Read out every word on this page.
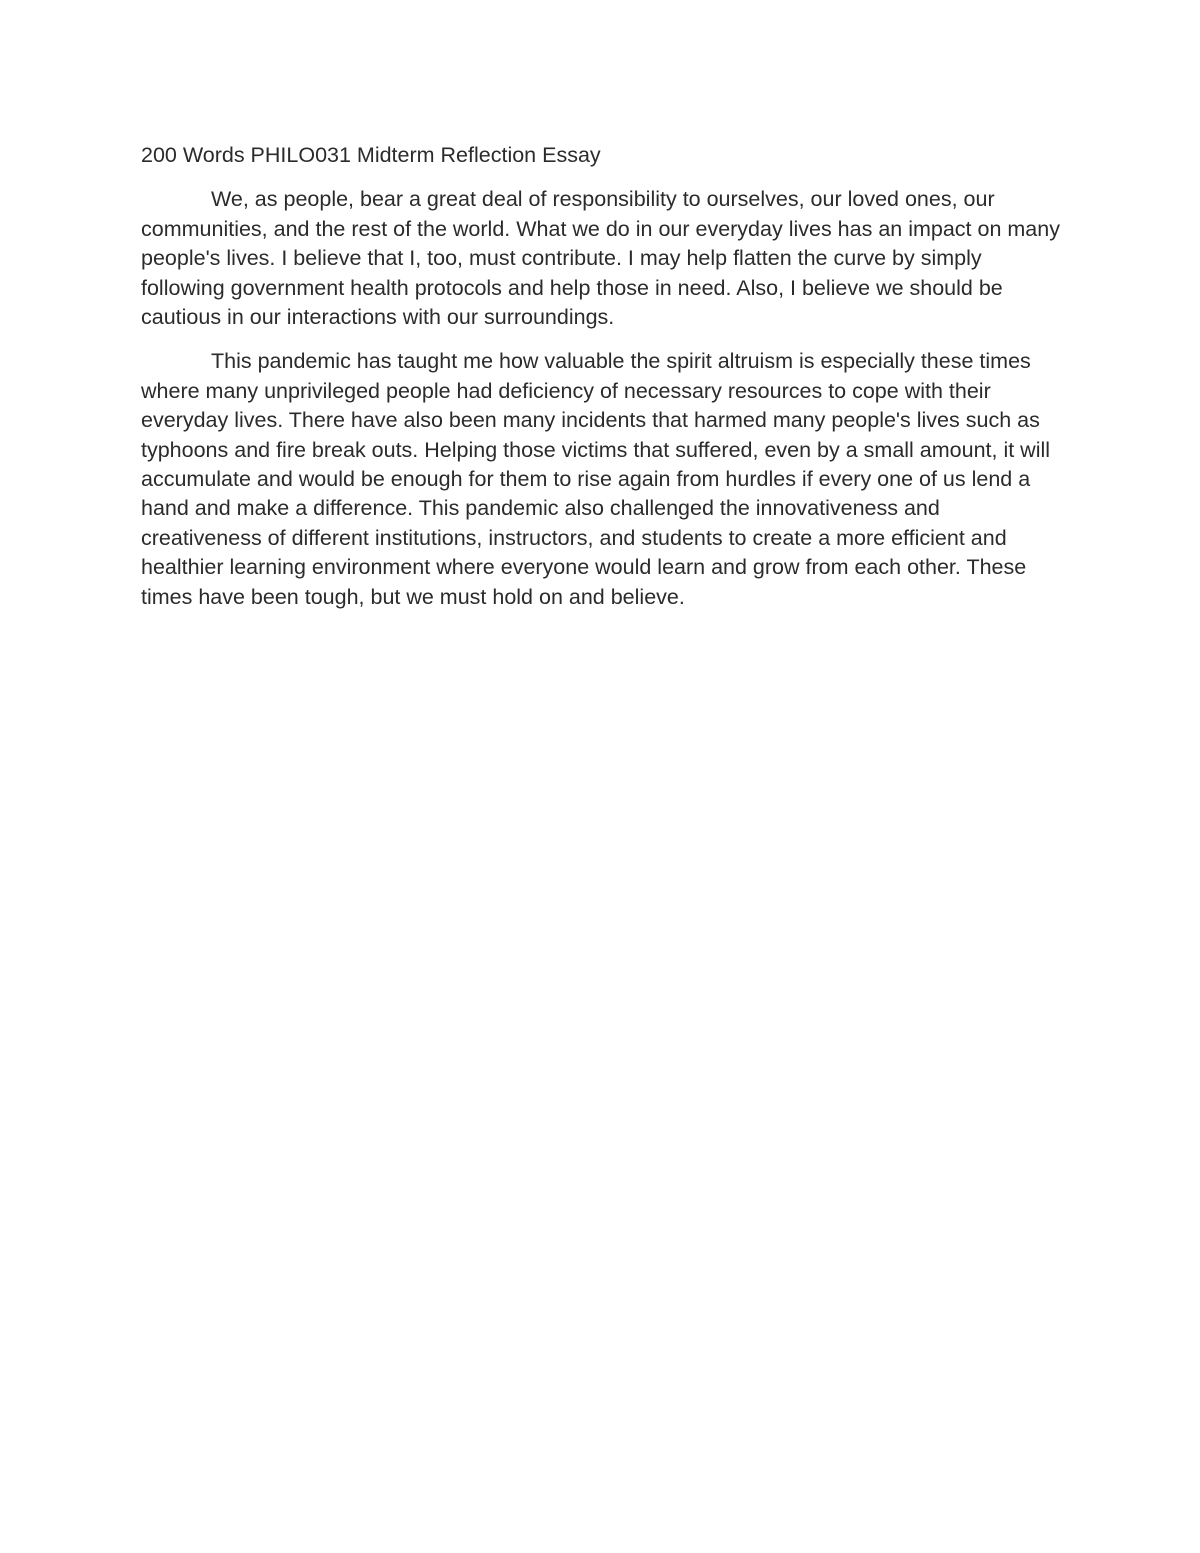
200 Words PHILO031 Midterm Reflection Essay

We, as people, bear a great deal of responsibility to ourselves, our loved ones, our communities, and the rest of the world. What we do in our everyday lives has an impact on many people's lives. I believe that I, too, must contribute. I may help flatten the curve by simply following government health protocols and help those in need. Also, I believe we should be cautious in our interactions with our surroundings.

This pandemic has taught me how valuable the spirit altruism is especially these times where many unprivileged people had deficiency of necessary resources to cope with their everyday lives. There have also been many incidents that harmed many people's lives such as typhoons and fire break outs. Helping those victims that suffered, even by a small amount, it will accumulate and would be enough for them to rise again from hurdles if every one of us lend a hand and make a difference. This pandemic also challenged the innovativeness and creativeness of different institutions, instructors, and students to create a more efficient and healthier learning environment where everyone would learn and grow from each other. These times have been tough, but we must hold on and believe.
